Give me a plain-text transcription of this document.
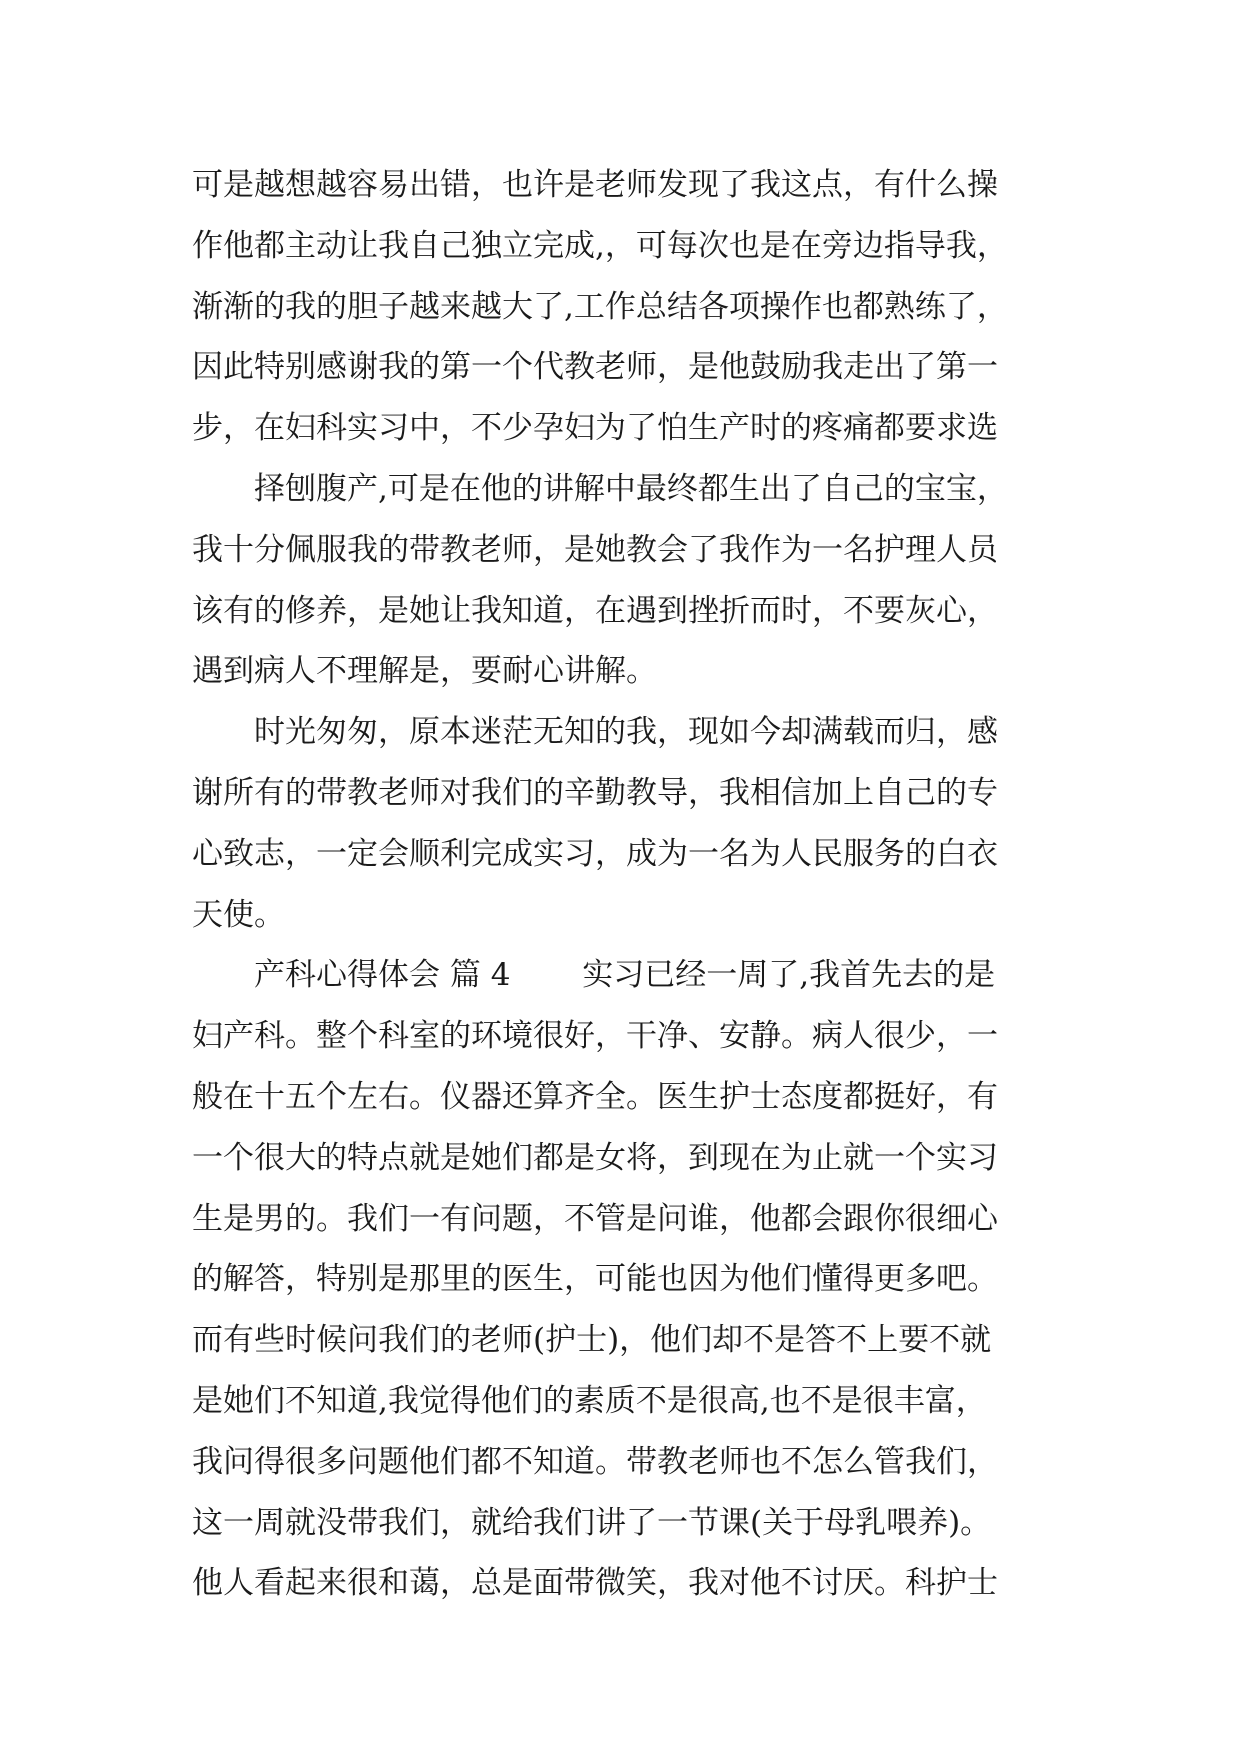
可是越想越容易出错，也许是老师发现了我这点，有什么操
作他都主动让我自己独立完成,，可每次也是在旁边指导我，
渐渐的我的胆子越来越大了,工作总结各项操作也都熟练了，
因此特别感谢我的第一个代教老师，是他鼓励我走出了第一
步，在妇科实习中，不少孕妇为了怕生产时的疼痛都要求选
　　择刨腹产,可是在他的讲解中最终都生出了自己的宝宝，
我十分佩服我的带教老师，是她教会了我作为一名护理人员
该有的修养，是她让我知道，在遇到挫折而时，不要灰心，
遇到病人不理解是，要耐心讲解。
　　时光匆匆，原本迷茫无知的我，现如今却满载而归，感
谢所有的带教老师对我们的辛勤教导，我相信加上自己的专
心致志，一定会顺利完成实习，成为一名为人民服务的白衣
天使。
　　产科心得体会 篇 4 　　实习已经一周了,我首先去的是
妇产科。整个科室的环境很好，干净、安静。病人很少，一
般在十五个左右。仪器还算齐全。医生护士态度都挺好，有
一个很大的特点就是她们都是女将，到现在为止就一个实习
生是男的。我们一有问题，不管是问谁，他都会跟你很细心
的解答，特别是那里的医生，可能也因为他们懂得更多吧。
而有些时候问我们的老师(护士)，他们却不是答不上要不就
是她们不知道,我觉得他们的素质不是很高,也不是很丰富，
我问得很多问题他们都不知道。带教老师也不怎么管我们，
这一周就没带我们，就给我们讲了一节课(关于母乳喂养)。
他人看起来很和蔼，总是面带微笑，我对他不讨厌。科护士
